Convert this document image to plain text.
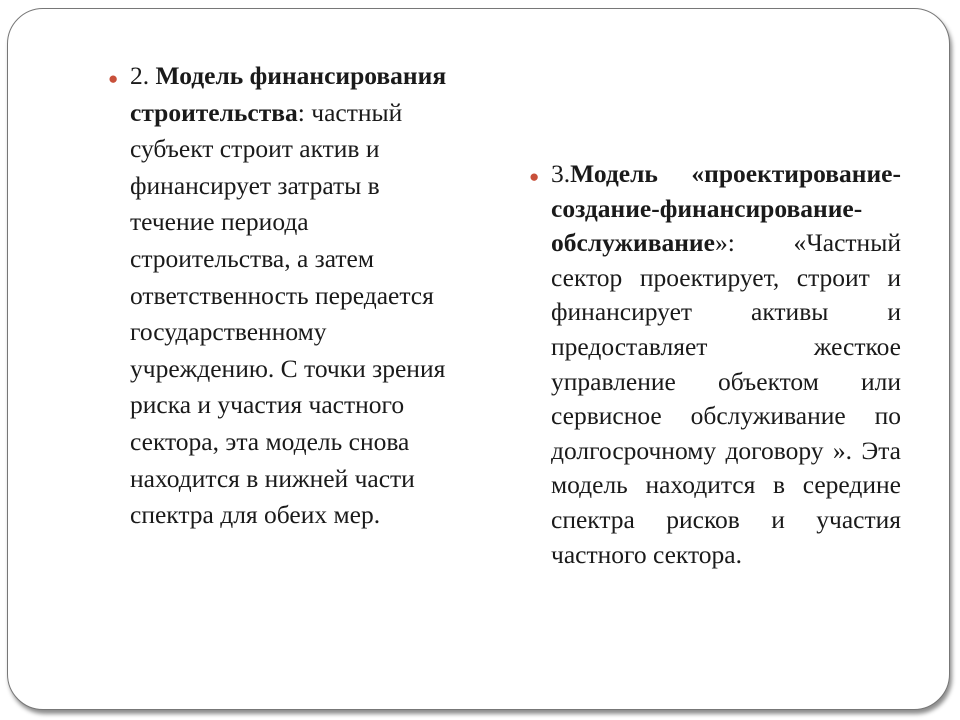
● 2. Модель финансирования строительства: частный субъект строит актив и финансирует затраты в течение периода строительства, а затем ответственность передается государственному учреждению. С точки зрения риска и участия частного сектора, эта модель снова находится в нижней части спектра для обеих мер.

● 3.Модель «проектирование-создание-финансирование-обслуживание»: «Частный сектор проектирует, строит и финансирует активы и предоставляет жесткое управление объектом или сервисное обслуживание по долгосрочному договору ». Эта модель находится в середине спектра рисков и участия частного сектора.
